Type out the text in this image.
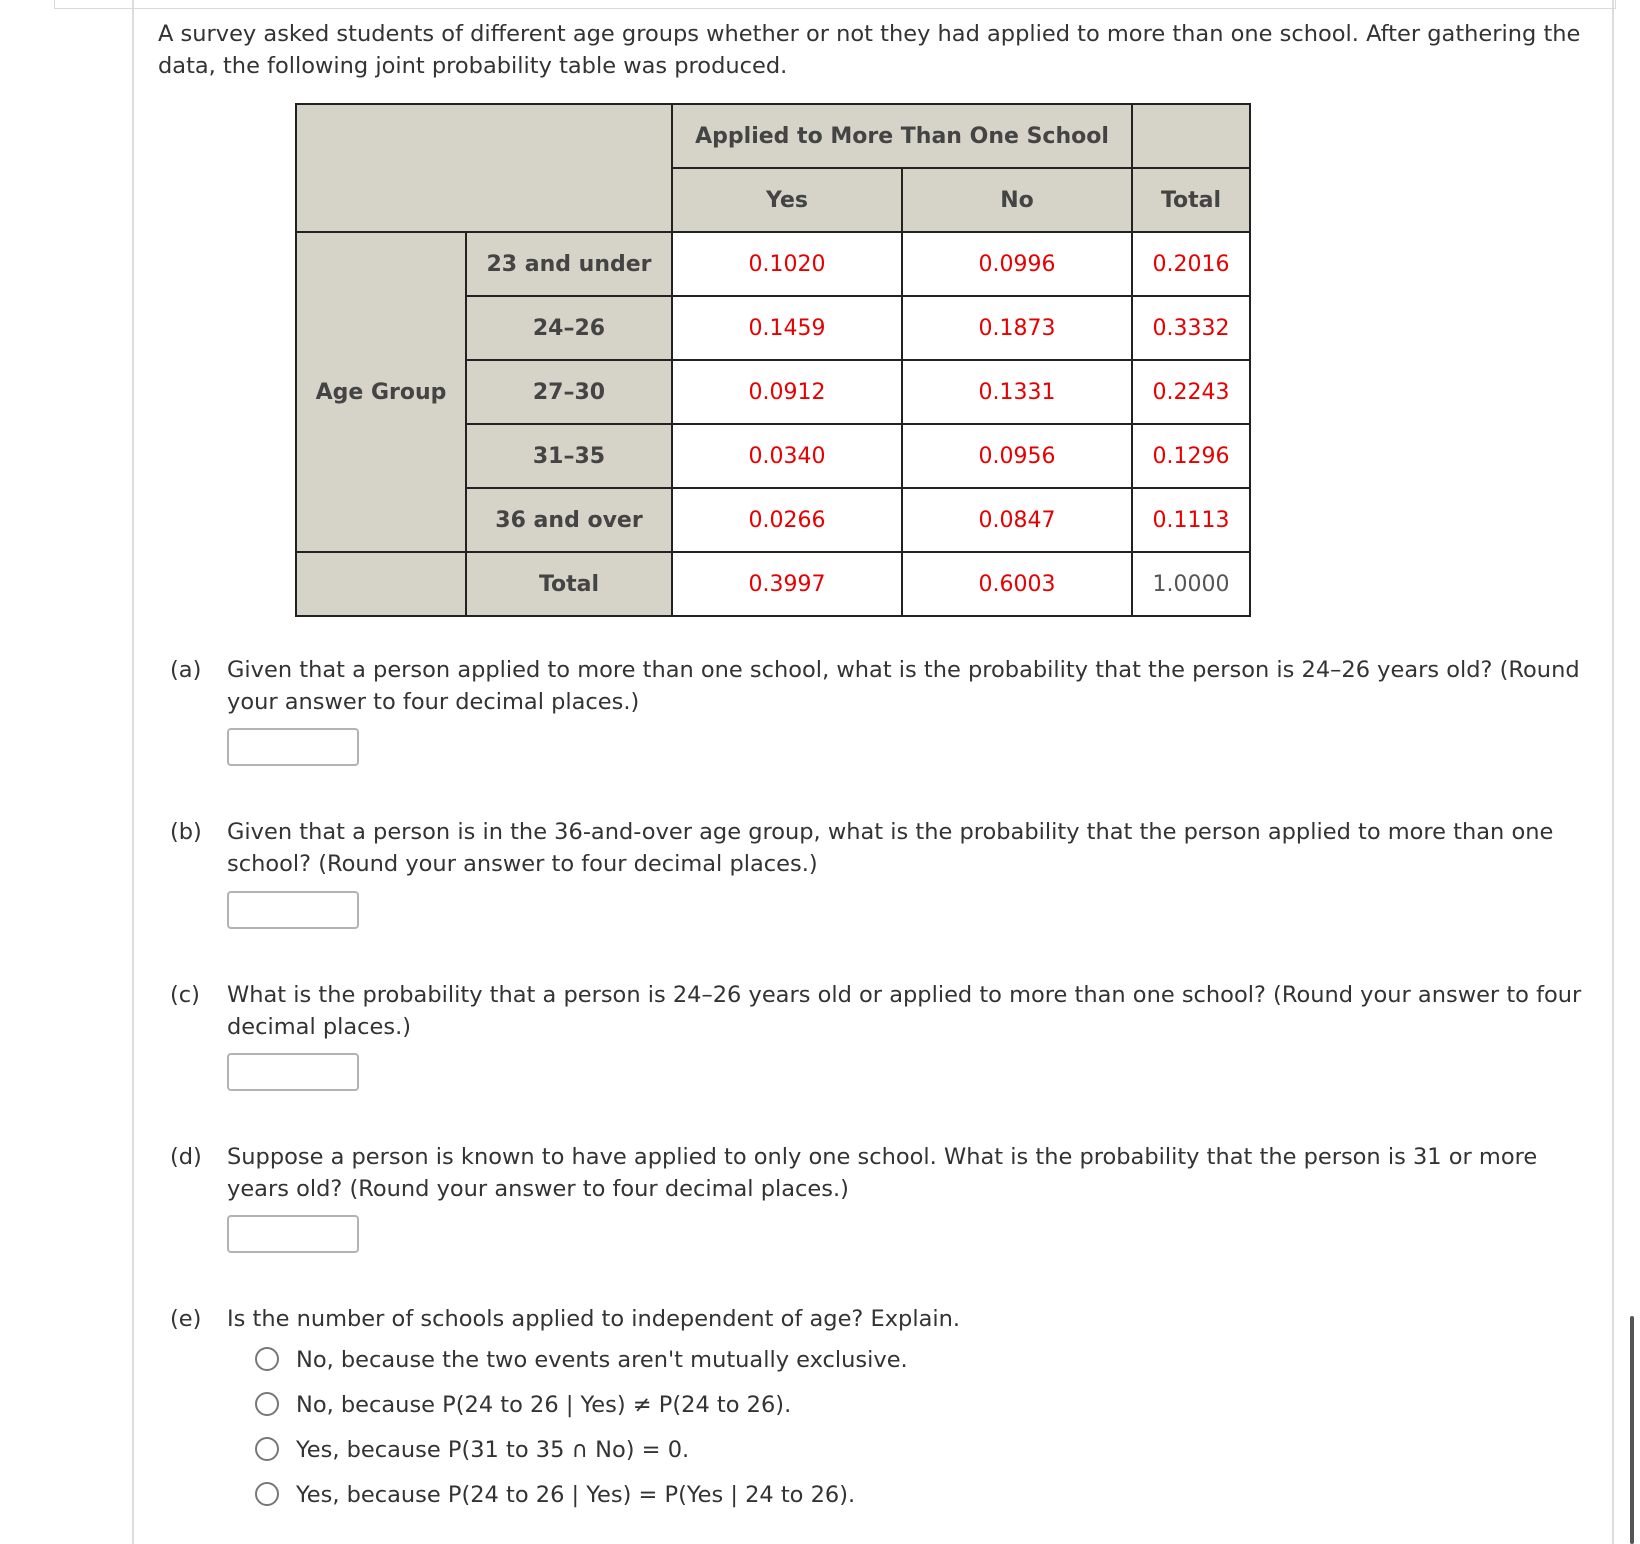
A survey asked students of different age groups whether or not they had applied to more than one school. After gathering the data, the following joint probability table was produced.

		Applied to More Than One School		
		Yes	No	Total
Age Group	23 and under	0.1020	0.0996	0.2016
	24–26	0.1459	0.1873	0.3332
	27–30	0.0912	0.1331	0.2243
	31–35	0.0340	0.0956	0.1296
	36 and over	0.0266	0.0847	0.1113
	Total	0.3997	0.6003	1.0000
(a) Given that a person applied to more than one school, what is the probability that the person is 24–26 years old? (Round your answer to four decimal places.)
(b) Given that a person is in the 36-and-over age group, what is the probability that the person applied to more than one school? (Round your answer to four decimal places.)
(c) What is the probability that a person is 24–26 years old or applied to more than one school? (Round your answer to four decimal places.)
(d) Suppose a person is known to have applied to only one school. What is the probability that the person is 31 or more years old? (Round your answer to four decimal places.)
(e) Is the number of schools applied to independent of age? Explain.
No, because the two events aren't mutually exclusive.
No, because P(24 to 26 | Yes) ≠ P(24 to 26).
Yes, because P(31 to 35 ∩ No) = 0.
Yes, because P(24 to 26 | Yes) = P(Yes | 24 to 26).
